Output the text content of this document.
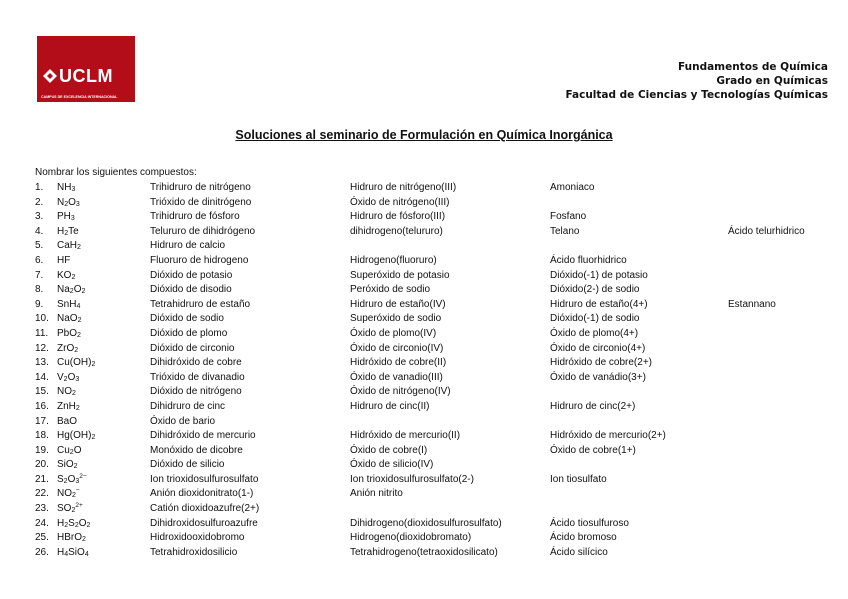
UCLM
CAMPUS DE EXCELENCIA INTERNACIONAL
Fundamentos de Química
Grado en Químicas
Facultad de Ciencias y Tecnologías Químicas
Soluciones al seminario de Formulación en Química Inorgánica
Nombrar los siguientes compuestos:
1. $NH_3$	Trihidruro de nitrógeno	Hidruro de nitrógeno(III)	Amoniaco
2. $N_2O_3$	Trióxido de dinitrógeno	Óxido de nitrógeno(III)
3. $PH_3$	Trihidruro de fósforo	Hidruro de fósforo(III)	Fosfano
4. $H_2Te$	Telururo de dihidrógeno	dihidrogeno(telururo)	Telano	Ácido telurhidrico
5. CaH$_2$	Hidruro de calcio
6. HF	Fluoruro de hidrogeno	Hidrogeno(fluoruro)	Ácido fluorhidrico
7. $KO_2$	Dióxido de potasio	Superóxido de potasio	Dióxido(-1) de potasio
8. $Na_2O_2$	Dióxido de disodio	Peróxido de sodio	Dióxido(2-) de sodio
9. SnH$_4$	Tetrahidruro de estaño	Hidruro de estaño(IV)	Hidruro de estaño(4+)	Estannano
10. NaO$_2$	Dióxido de sodio	Superóxido de sodio	Dióxido(-1) de sodio
11. PbO$_2$	Dióxido de plomo	Óxido de plomo(IV)	Óxido de plomo(4+)
12. ZrO$_2$	Dióxido de circonio	Óxido de circonio(IV)	Óxido de circonio(4+)
13. $Cu(OH)_2$	Dihidróxido de cobre	Hidróxido de cobre(II)	Hidróxido de cobre(2+)
14. $V_2O_3$	Trióxido de divanadio	Óxido de vanadio(III)	Óxido de vanádio(3+)
15. $NO_2$	Dióxido de nitrógeno	Óxido de nitrógeno(IV)
16. ZnH$_2$	Dihidruro de cinc	Hidruro de cinc(II)	Hidruro de cinc(2+)
17. BaO	Óxido de bario
18. $Hg(OH)_2$	Dihidróxido de mercurio	Hidróxido de mercurio(II)	Hidróxido de mercurio(2+)
19. $Cu_2O$	Monóxido de dicobre	Óxido de cobre(I)	Óxido de cobre(1+)
20. SiO$_2$	Dióxido de silicio	Óxido de silicio(IV)
21. $S_2O_3^{2-}$	Ion trioxidosulfurosulfato	Ion trioxidosulfurosulfato(2-)	Ion tiosulfato
22. $NO_2^-$	Anión dioxidonitrato(1-)	Anión nitrito
23. $SO_2^{2+}$	Catión dioxidoazufre(2+)
24. $H_2S_2O_2$	Dihidroxidosulfuroazufre	Dihidrogeno(dioxidosulfurosulfato)	Ácido tiosulfuroso
25. HBrO$_2$	Hidroxidooxidobromo	Hidrogeno(dioxidobromato)	Ácido bromoso
26. $H_4SiO_4$	Tetrahidroxidosilicio	Tetrahidrogeno(tetraoxidosilicato)	Ácido silícico
